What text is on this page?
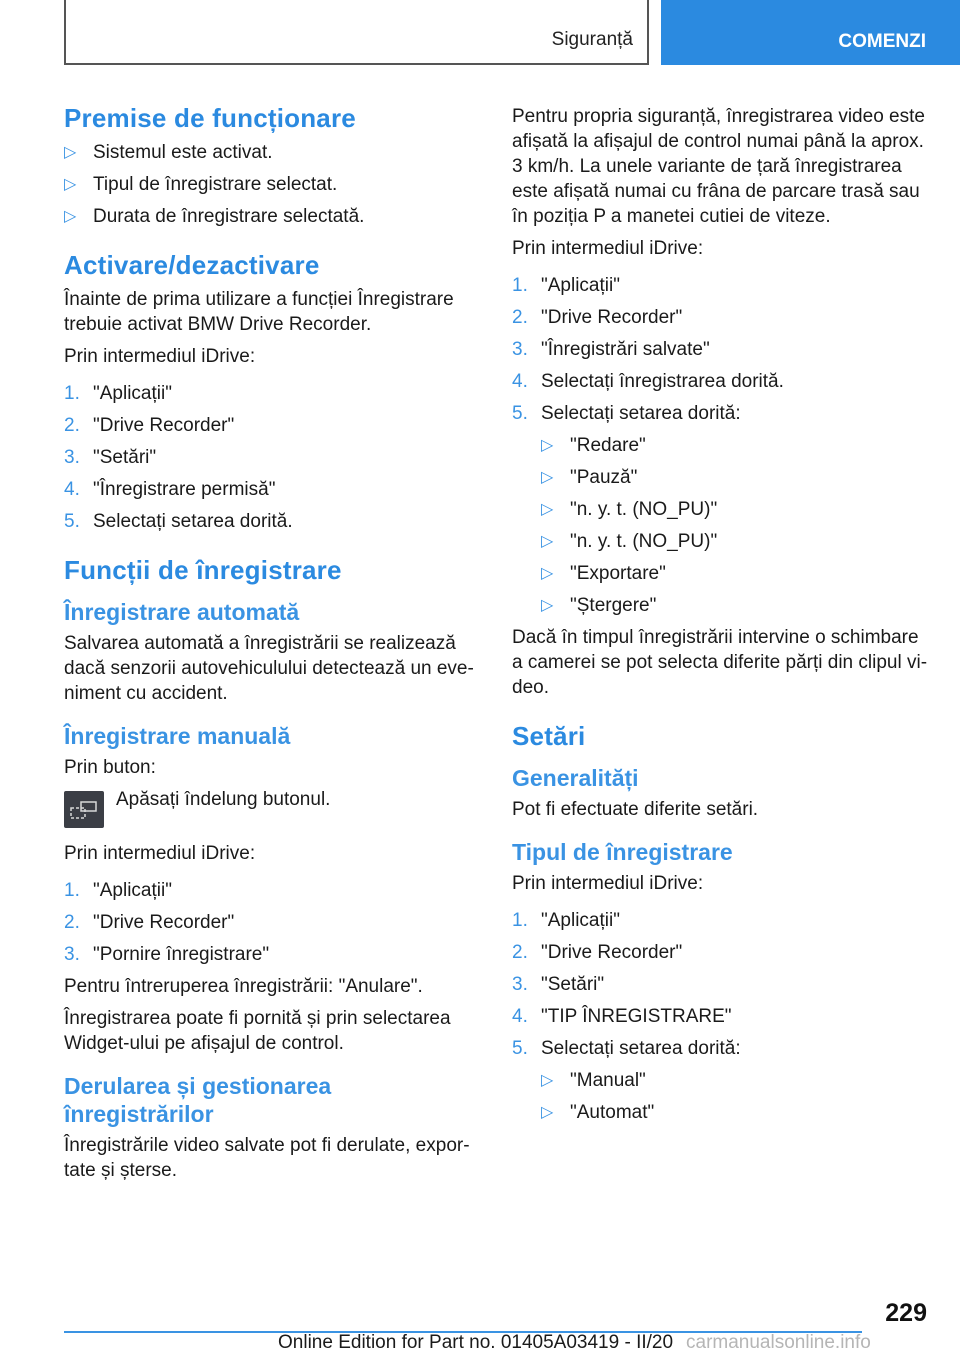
Siguranță	COMENZI
Premise de funcționare
▷ Sistemul este activat.
▷ Tipul de înregistrare selectat.
▷ Durata de înregistrare selectată.
Activare/dezactivare

Înainte de prima utilizare a funcției Înregistrare trebuie activat BMW Drive Recorder.

Prin intermediul iDrive:

1. "Aplicații"
2. "Drive Recorder"
3. "Setări"
4. "Înregistrare permisă"
5. Selectați setarea dorită.
Funcții de înregistrare
Înregistrare automată

Salvarea automată a înregistrării se realizează dacă senzorii autovehiculului detectează un eve-niment cu accident.

Înregistrare manuală

Prin buton:

Apăsați îndelung butonul.

Prin intermediul iDrive:

1. "Aplicații"
2. "Drive Recorder"
3. "Pornire înregistrare"

Pentru întreruperea înregistrării: "Anulare".

Înregistrarea poate fi pornită și prin selectarea Widget-ului pe afișajul de control.

Derularea și gestionarea înregistrărilor

Înregistrările video salvate pot fi derulate, expor-tate și șterse.

Pentru propria siguranță, înregistrarea video este afișată la afișajul de control numai până la aprox. 3 km/h. La unele variante de țară înregistrarea este afișată numai cu frâna de parcare trasă sau în poziția P a manetei cutiei de viteze.

Prin intermediul iDrive:

1. "Aplicații"
2. "Drive Recorder"
3. "Înregistrări salvate"
4. Selectați înregistrarea dorită.
5. Selectați setarea dorită:
▷ "Redare"
▷ "Pauză"
▷ "n. y. t. (NO_PU)"
▷ "n. y. t. (NO_PU)"
▷ "Exportare"
▷ "Ștergere"

Dacă în timpul înregistrării intervine o schimbare a camerei se pot selecta diferite părți din clipul vi-deo.

Setări
Generalități

Pot fi efectuate diferite setări.

Tipul de înregistrare

Prin intermediul iDrive:

1. "Aplicații"
2. "Drive Recorder"
3. "Setări"
4. "TIP ÎNREGISTRARE"
5. Selectați setarea dorită:
▷ "Manual"
▷ "Automat"
229
Online Edition for Part no. 01405A03419 - II/20 carmanualsonline.info
